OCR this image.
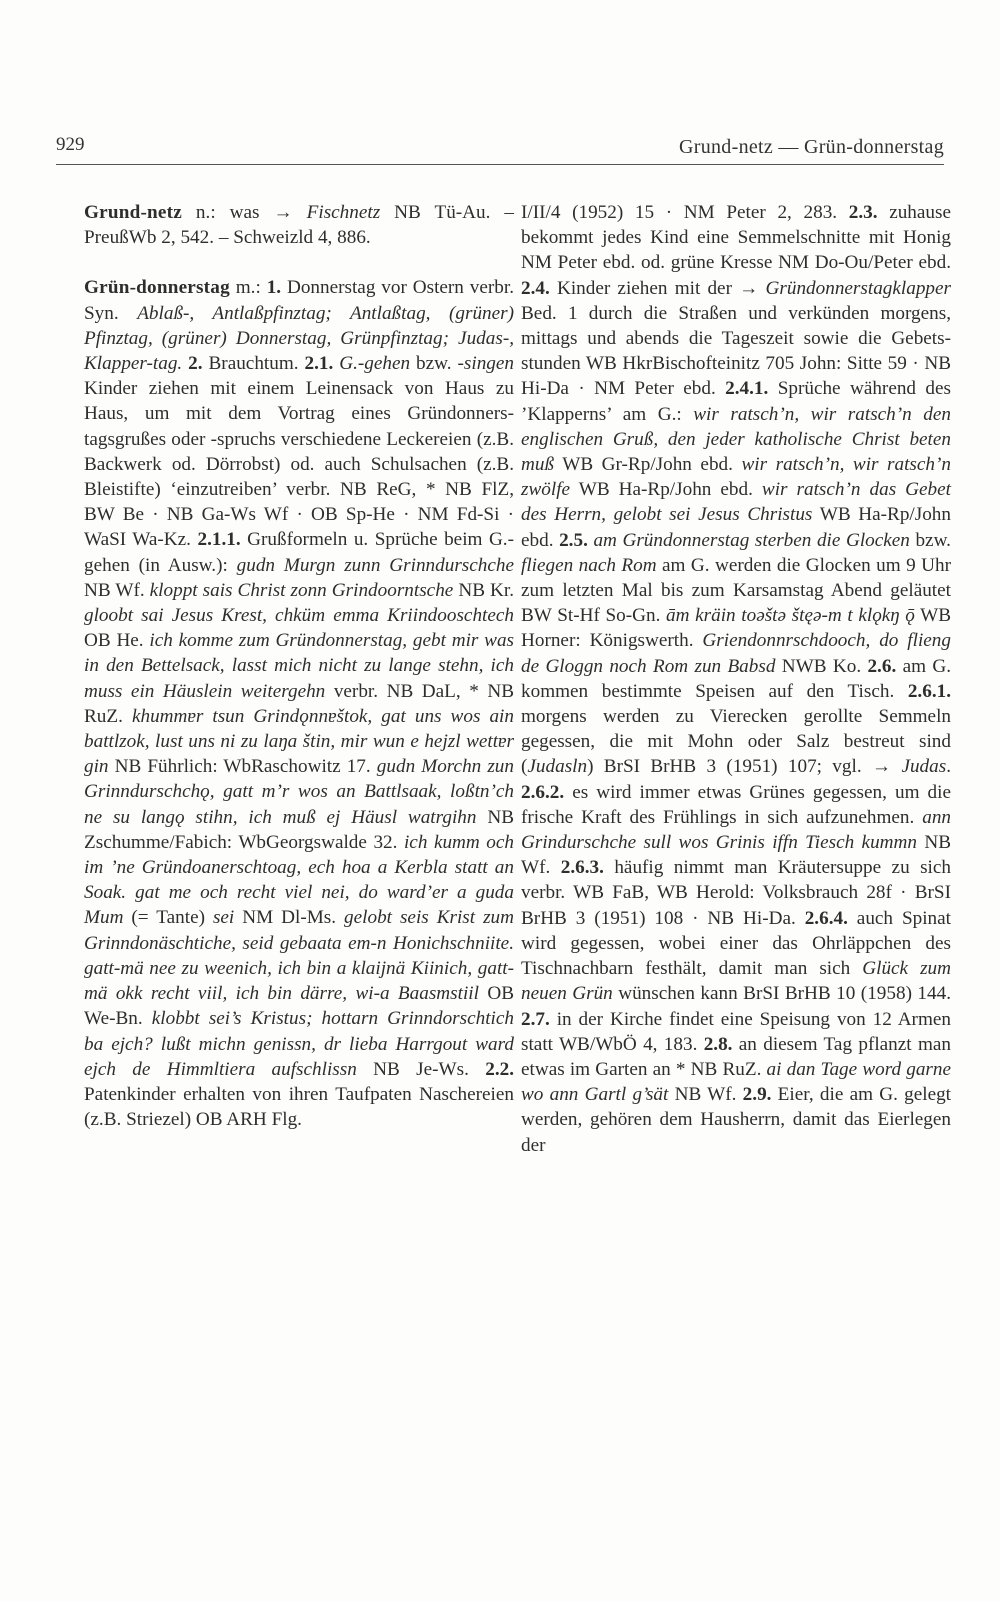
929	Grund-netz — Grün-donnerstag

Grund-netz n.: was → Fischnetz NB Tü-Au. – PreußWb 2, 542. – Schweizld 4, 886.

Grün-donnerstag m.: 1. Donnerstag vor Ostern verbr. Syn. Ablaß-, Antlaßpfinztag; Antlaßtag, (grüner) Pfinztag, (grüner) Donnerstag, Grünpfinztag; Judas-, Klapper-tag. 2. Brauchtum. 2.1. G.-gehen bzw. -singen Kinder ziehen mit einem Leinensack von Haus zu Haus, um mit dem Vortrag eines Gründonnerstagsgrußes oder -spruchs verschiedene Leckereien (z.B. Backwerk od. Dörrobst) od. auch Schulsachen (z.B. Bleistifte) ‘einzutreiben’ verbr. NB ReG, * NB FlZ, BW Be · NB Ga-Ws Wf · OB Sp-He · NM Fd-Si · WaSI Wa-Kz. 2.1.1. Grußformeln u. Sprüche beim G.-gehen (in Ausw.): gudn Murgn zunn Grinndurschche NB Wf. kloppt sais Christ zonn Grindoorntsche NB Kr. gloobt sai Jesus Krest, chküm emma Kriindooschtech OB He. ich komme zum Gründonnerstag, gebt mir was in den Bettelsack, lasst mich nicht zu lange stehn, ich muss ein Häuslein weitergehn verbr. NB DaL, * NB RuZ. khummɐr tsun Grindǫnnɐštok, gat uns wos ain battlzok, lust uns ni zu laŋa štin, mir wun e hejzl wettɐr gin NB Führlich: WbRaschowitz 17. gudn Morchn zun Grinndurschchǫ, gatt m’r wos an Battlsaak, loßtn’ch ne su langǫ stihn, ich muß ej Häusl watrgihn NB Zschumme/Fabich: WbGeorgswalde 32. ich kumm och im ’ne Gründoanerschtoag, ech hoa a Kerbla statt an Soak. gat me och recht viel nei, do ward’er a guda Mum (= Tante) sei NM Dl-Ms. gelobt seis Krist zum Grinndonäschtiche, seid gebaata em-n Honichschniite. gatt-mä nee zu weenich, ich bin a klaijnä Kiinich, gatt-mä okk recht viil, ich bin därre, wi-a Baasmstiil OB We-Bn. klobbt sei’s Kristus; hottarn Grinndorschtich ba ejch? lußt michn genissn, dr lieba Harrgout ward ejch de Himmltiera aufschlissn NB Je-Ws. 2.2. Patenkinder erhalten von ihren Taufpaten Naschereien (z.B. Striezel) OB ARH Flg.

I/II/4 (1952) 15 · NM Peter 2, 283. 2.3. zuhause bekommt jedes Kind eine Semmelschnitte mit Honig NM Peter ebd. od. grüne Kresse NM Do-Ou/Peter ebd. 2.4. Kinder ziehen mit der → Gründonnerstagklapper Bed. 1 durch die Straßen und verkünden morgens, mittags und abends die Tageszeit sowie die Gebetsstunden WB HkrBischofteinitz 705 John: Sitte 59 · NB Hi-Da · NM Peter ebd. 2.4.1. Sprüche während des ’Klapperns’ am G.: wir ratsch’n, wir ratsch’n den englischen Gruß, den jeder katholische Christ beten muß WB Gr-Rp/John ebd. wir ratsch’n, wir ratsch’n zwölfe WB Ha-Rp/John ebd. wir ratsch’n das Gebet des Herrn, gelobt sei Jesus Christus WB Ha-Rp/John ebd. 2.5. am Gründonnerstag sterben die Glocken bzw. fliegen nach Rom am G. werden die Glocken um 9 Uhr zum letzten Mal bis zum Karsamstag Abend geläutet BW St-Hf So-Gn. ām kräin toəštə štęə-m t klǫkŋ ǭ WB Horner: Königswerth. Griendonnrschdooch, do flieng de Gloggn noch Rom zun Babsd NWB Ko. 2.6. am G. kommen bestimmte Speisen auf den Tisch. 2.6.1. morgens werden zu Vierecken gerollte Semmeln gegessen, die mit Mohn oder Salz bestreut sind (Judasln) BrSI BrHB 3 (1951) 107; vgl. → Judas. 2.6.2. es wird immer etwas Grünes gegessen, um die frische Kraft des Frühlings in sich aufzunehmen. ann Grindurschche sull wos Grinis iffn Tiesch kummn NB Wf. 2.6.3. häufig nimmt man Kräutersuppe zu sich verbr. WB FaB, WB Herold: Volksbrauch 28f · BrSI BrHB 3 (1951) 108 · NB Hi-Da. 2.6.4. auch Spinat wird gegessen, wobei einer das Ohrläppchen des Tischnachbarn festhält, damit man sich Glück zum neuen Grün wünschen kann BrSI BrHB 10 (1958) 144. 2.7. in der Kirche findet eine Speisung von 12 Armen statt WB/WbÖ 4, 183. 2.8. an diesem Tag pflanzt man etwas im Garten an * NB RuZ. ai dan Tage word garne wo ann Gartl g’sät NB Wf. 2.9. Eier, die am G. gelegt werden, gehören dem Hausherrn, damit das Eierlegen der
